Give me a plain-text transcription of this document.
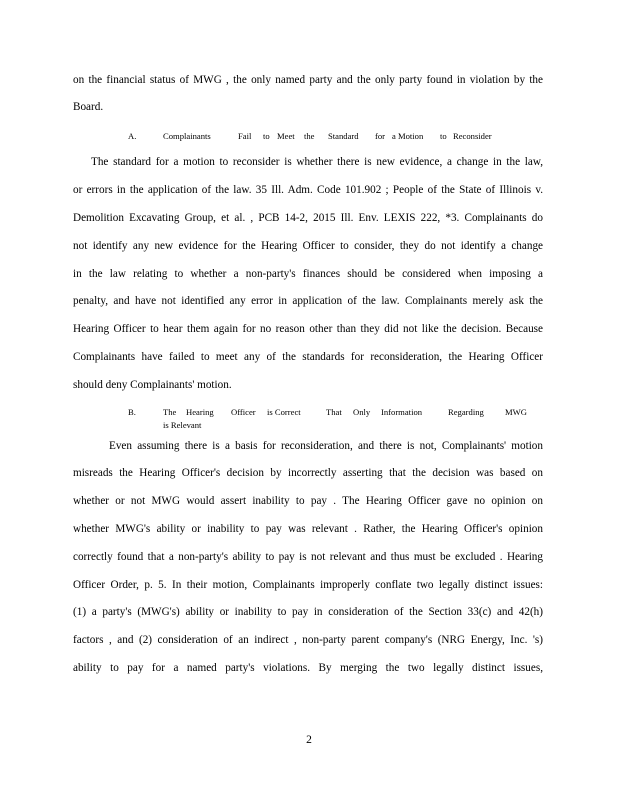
on the financial status of MWG , the only named party and the only party found in violation by the
Board.
A.	Complainants	Fail to Meet the Standard for a Motion to Reconsider
The standard for a motion to reconsider is whether there is new evidence, a change in the law,
or errors in the application of the law. 35 Ill. Adm. Code 101.902 ; People of the State of Illinois v.
Demolition Excavating Group, et al. , PCB 14-2, 2015 Ill. Env. LEXIS 222, *3. Complainants do
not identify any new evidence for the Hearing Officer to consider, they do not identify a change
in the law relating to whether a non-party's finances should be considered when imposing a
penalty, and have not identified any error in application of the law. Complainants merely ask the
Hearing Officer to hear them again for no reason other than they did not like the decision. Because
Complainants have failed to meet any of the standards for reconsideration, the Hearing Officer
should deny Complainants' motion.
B.	The Hearing Officer is Correct	That Only Information	Regarding MWG
is Relevant
Even assuming there is a basis for reconsideration, and there is not, Complainants' motion
misreads the Hearing Officer's decision by incorrectly asserting that the decision was based on
whether or not MWG would assert inability to pay . The Hearing Officer gave no opinion on
whether MWG's ability or inability to pay was relevant . Rather, the Hearing Officer's opinion
correctly found that a non-party's ability to pay is not relevant and thus must be excluded . Hearing
Officer Order, p. 5. In their motion, Complainants improperly conflate two legally distinct issues:
(1) a party's (MWG's) ability or inability to pay in consideration of the Section 33(c) and 42(h)
factors , and (2) consideration of an indirect , non-party parent company's (NRG Energy, Inc. 's)
ability to pay for a named party's violations. By merging the two legally distinct issues,
2
